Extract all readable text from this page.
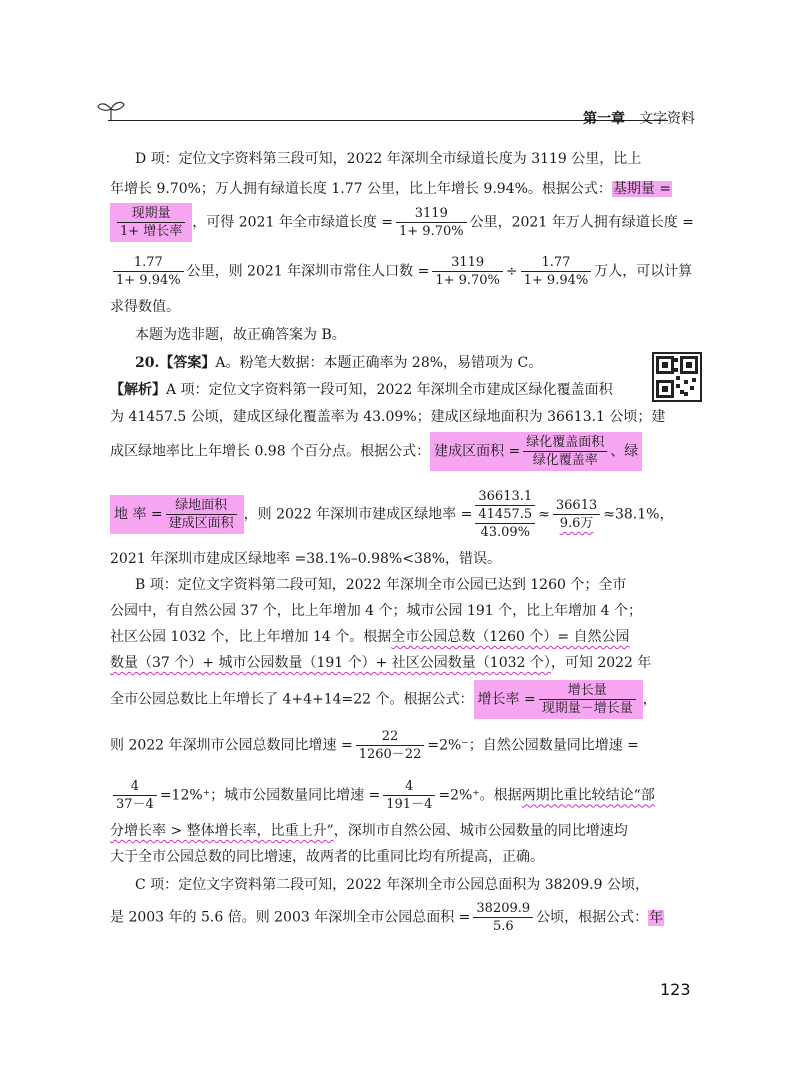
第一章 文字资料
D 项：定位文字资料第三段可知，2022 年深圳全市绿道长度为 3119 公里，比上
年增长 9.70%；万人拥有绿道长度 1.77 公里，比上年增长 9.94%。根据公式：基期量 =
$\frac{\text{现期量}}{\text{1+ 增长率}}$ ，可得 2021 年全市绿道长度 = $\frac{3119}{1+ 9.70\%}$ 公里，2021 年万人拥有绿道长度 =
$\frac{1.77}{1+ 9.94\%}$ 公里，则 2021 年深圳市常住人口数 = $\frac{3119}{1+ 9.70\%} \div \frac{1.77}{1+ 9.94\%}$ 万人，可以计算
求得数值。
本题为选非题，故正确答案为 B。
20.【答案】A。粉笔大数据：本题正确率为 28%，易错项为 C。
【解析】A 项：定位文字资料第一段可知，2022 年深圳全市建成区绿化覆盖面积
为 41457.5 公顷，建成区绿化覆盖率为 43.09%；建成区绿地面积为 36613.1 公顷；建
成区绿地率比上年增长 0.98 个百分点。根据公式： 建成区面积 = $\frac{\text{绿化覆盖面积}}{\text{绿化覆盖率}}$ 、绿
地 率 = $\frac{\text{绿地面积}}{\text{建成区面积}}$ ，则 2022 年深圳市建成区绿地率 =
36613.1
41457.5
43.09%
≈ $\frac{36613}{\text{9.6万}} \approx 38.1\%$，
2021 年深圳市建成区绿地率 =38.1%–0.98%<38%，错误。
B 项：定位文字资料第二段可知，2022 年深圳全市公园已达到 1260 个；全市
公园中，有自然公园 37 个，比上年增加 4 个；城市公园 191 个，比上年增加 4 个；
社区公园 1032 个，比上年增加 14 个。根据全市公园总数（1260 个）= 自然公园
数量（37 个）+ 城市公园数量（191 个）+ 社区公园数量（1032 个），可知 2022 年
全市公园总数比上年增长了 4+4+14=22 个。根据公式： 增长率 = $\frac{\text{增长量}}{\text{现期量－增长量}}$ ，
则 2022 年深圳市公园总数同比增速 = $\frac{22}{1260-22} =2\%^-$；自然公园数量同比增速 =
$\frac{4}{37-4} =12\%^+$；城市公园数量同比增速 = $\frac{4}{191-4} =2\%^+$。根据两期比重比较结论“部
分增长率 > 整体增长率，比重上升”，深圳市自然公园、城市公园数量的同比增速均
大于全市公园总数的同比增速，故两者的比重同比均有所提高，正确。
C 项：定位文字资料第二段可知，2022 年深圳全市公园总面积为 38209.9 公顷，
是 2003 年的 5.6 倍。则 2003 年深圳全市公园总面积 = $\frac{38209.9}{5.6}$ 公顷，根据公式：年
123
